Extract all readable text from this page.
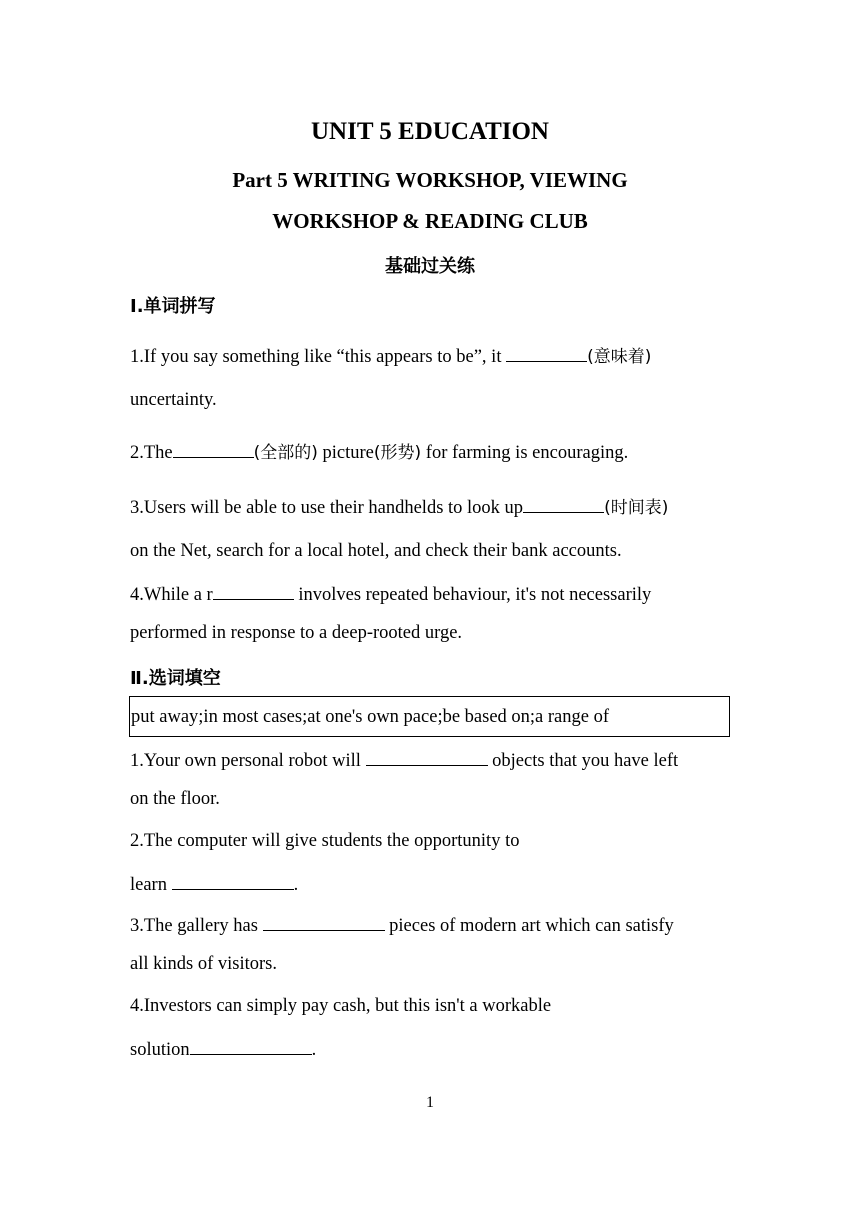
UNIT 5 EDUCATION
Part 5 WRITING WORKSHOP, VIEWING
WORKSHOP & READING CLUB
基础过关练
Ⅰ.单词拼写
1.If you say something like “this appears to be”, it	(意味着)
uncertainty.
2.The	(全部的) picture(形势) for farming is encouraging.
3.Users will be able to use their handhelds to look up	(时间表)
on the Net, search for a local hotel, and check their bank accounts.
4.While a r	involves repeated behaviour, it's not necessarily
performed in response to a deep-rooted urge.
Ⅱ.选词填空
put away;in most cases;at one's own pace;be based on;a range of
1.Your own personal robot will	objects that you have left
on the floor.
2.The computer will give students the opportunity to
learn	.
3.The gallery has	pieces of modern art which can satisfy
all kinds of visitors.
4.Investors can simply pay cash, but this isn't a workable
solution	.
1
